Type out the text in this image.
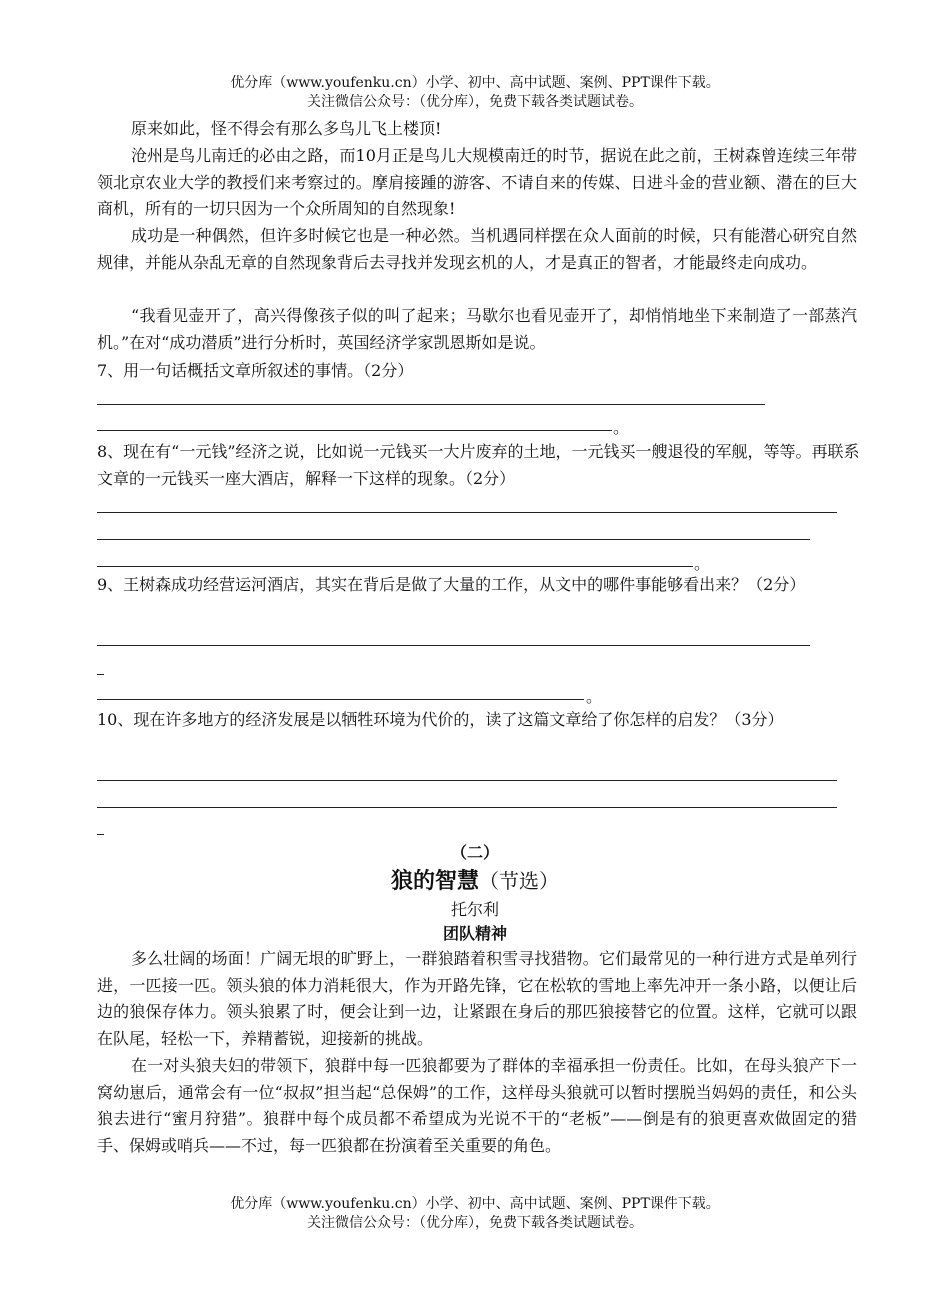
优分库（www.youfenku.cn）小学、初中、高中试题、案例、PPT课件下载。
关注微信公众号：（优分库），免费下载各类试题试卷。
原来如此，怪不得会有那么多鸟儿飞上楼顶!
沧州是鸟儿南迁的必由之路，而10月正是鸟儿大规模南迁的时节，据说在此之前，王树森曾连续三年带领北京农业大学的教授们来考察过的。摩肩接踵的游客、不请自来的传媒、日进斗金的营业额、潜在的巨大商机，所有的一切只因为一个众所周知的自然现象!
成功是一种偶然，但许多时候它也是一种必然。当机遇同样摆在众人面前的时候，只有能潜心研究自然规律，并能从杂乱无章的自然现象背后去寻找并发现玄机的人，才是真正的智者，才能最终走向成功。
“我看见壶开了，高兴得像孩子似的叫了起来；马歇尔也看见壶开了，却悄悄地坐下来制造了一部蒸汽机。”在对“成功潜质”进行分析时，英国经济学家凯恩斯如是说。
7、用一句话概括文章所叙述的事情。（2分）
。
8、现在有“一元钱”经济之说，比如说一元钱买一大片废弃的土地，一元钱买一艘退役的军舰，等等。再联系文章的一元钱买一座大酒店，解释一下这样的现象。（2分）
。
9、王树森成功经营运河酒店，其实在背后是做了大量的工作，从文中的哪件事能够看出来？（2分）
。
10、现在许多地方的经济发展是以牺牲环境为代价的，读了这篇文章给了你怎样的启发？（3分）
（二）
狼的智慧（节选）
托尔利
团队精神
多么壮阔的场面！广阔无垠的旷野上，一群狼踏着积雪寻找猎物。它们最常见的一种行进方式是单列行进，一匹接一匹。领头狼的体力消耗很大，作为开路先锋，它在松软的雪地上率先冲开一条小路，以便让后边的狼保存体力。领头狼累了时，便会让到一边，让紧跟在身后的那匹狼接替它的位置。这样，它就可以跟在队尾，轻松一下，养精蓄锐，迎接新的挑战。
在一对头狼夫妇的带领下，狼群中每一匹狼都要为了群体的幸福承担一份责任。比如，在母头狼产下一窝幼崽后，通常会有一位“叔叔”担当起“总保姆”的工作，这样母头狼就可以暂时摆脱当妈妈的责任，和公头狼去进行“蜜月狩猎”。狼群中每个成员都不希望成为光说不干的“老板”——倒是有的狼更喜欢做固定的猎手、保姆或哨兵——不过，每一匹狼都在扮演着至关重要的角色。
优分库（www.youfenku.cn）小学、初中、高中试题、案例、PPT课件下载。
关注微信公众号：（优分库），免费下载各类试题试卷。
